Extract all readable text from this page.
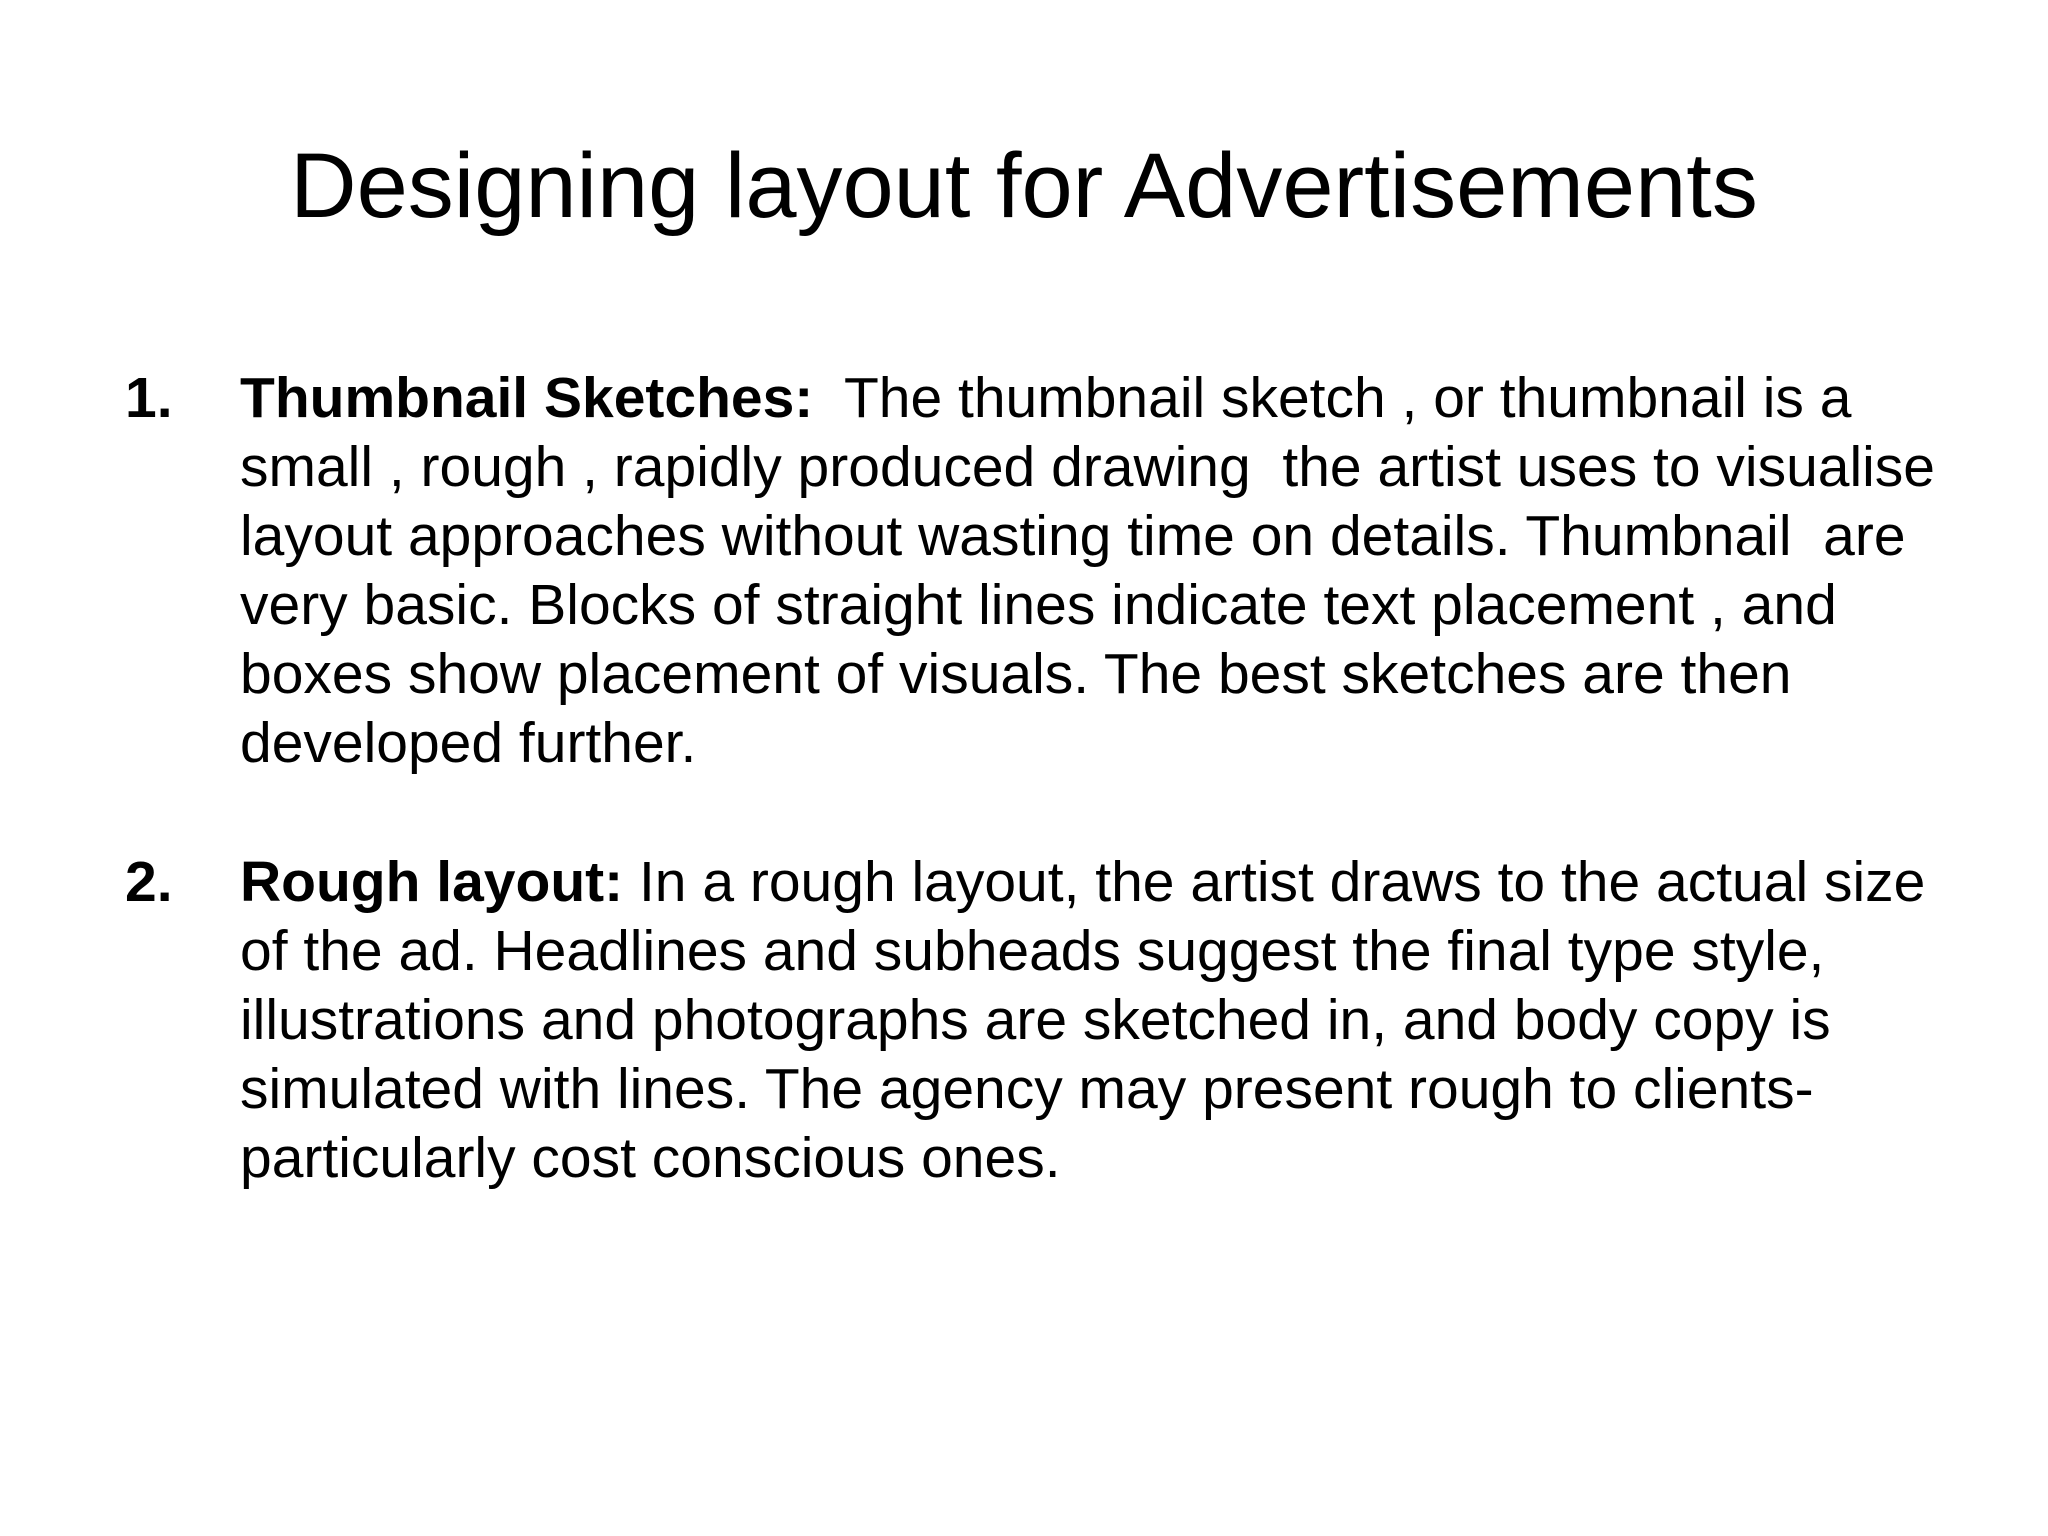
Designing layout for Advertisements
1. Thumbnail Sketches:  The thumbnail sketch , or thumbnail is a small , rough , rapidly produced drawing  the artist uses to visualise layout approaches without wasting time on details. Thumbnail  are very basic. Blocks of straight lines indicate text placement , and boxes show placement of visuals. The best sketches are then developed further.
2. Rough layout: In a rough layout, the artist draws to the actual size of the ad. Headlines and subheads suggest the final type style, illustrations and photographs are sketched in, and body copy is simulated with lines. The agency may present rough to clients-particularly cost conscious ones.
